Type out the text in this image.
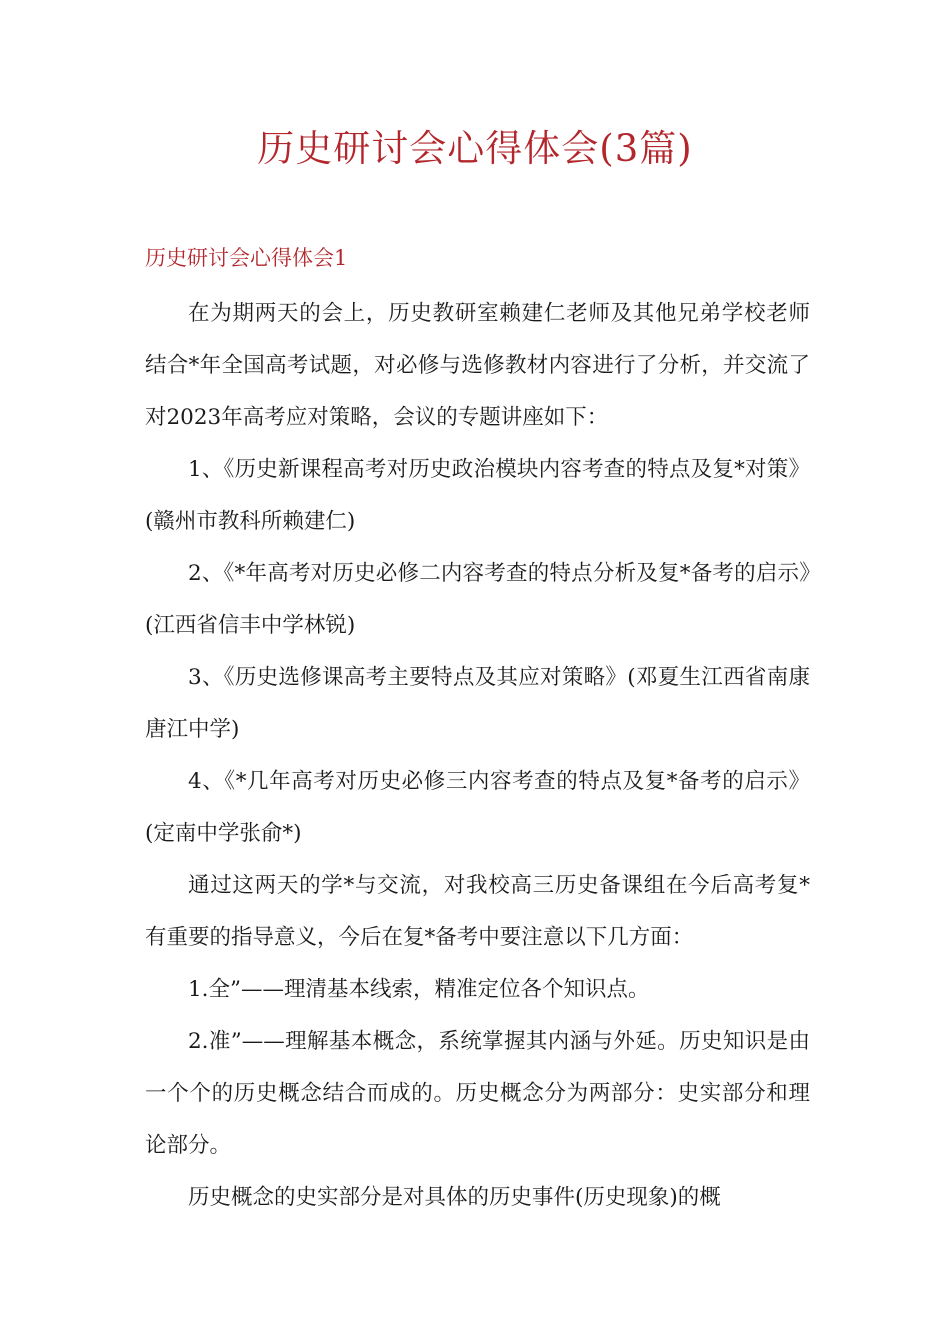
历史研讨会心得体会(3篇)
历史研讨会心得体会1

在为期两天的会上，历史教研室赖建仁老师及其他兄弟学校老师结合*年全国高考试题，对必修与选修教材内容进行了分析，并交流了对2023年高考应对策略，会议的专题讲座如下：

1、《历史新课程高考对历史政治模块内容考查的特点及复*对策》(赣州市教科所赖建仁)

2、《*年高考对历史必修二内容考查的特点分析及复*备考的启示》(江西省信丰中学林锐)

3、《历史选修课高考主要特点及其应对策略》(邓夏生江西省南康唐江中学)

4、《*几年高考对历史必修三内容考查的特点及复*备考的启示》(定南中学张俞*)

通过这两天的学*与交流，对我校高三历史备课组在今后高考复*有重要的指导意义，今后在复*备考中要注意以下几方面：

1.全”——理清基本线索，精准定位各个知识点。

2.准”——理解基本概念，系统掌握其内涵与外延。历史知识是由一个个的历史概念结合而成的。历史概念分为两部分：史实部分和理论部分。

历史概念的史实部分是对具体的历史事件(历史现象)的概
